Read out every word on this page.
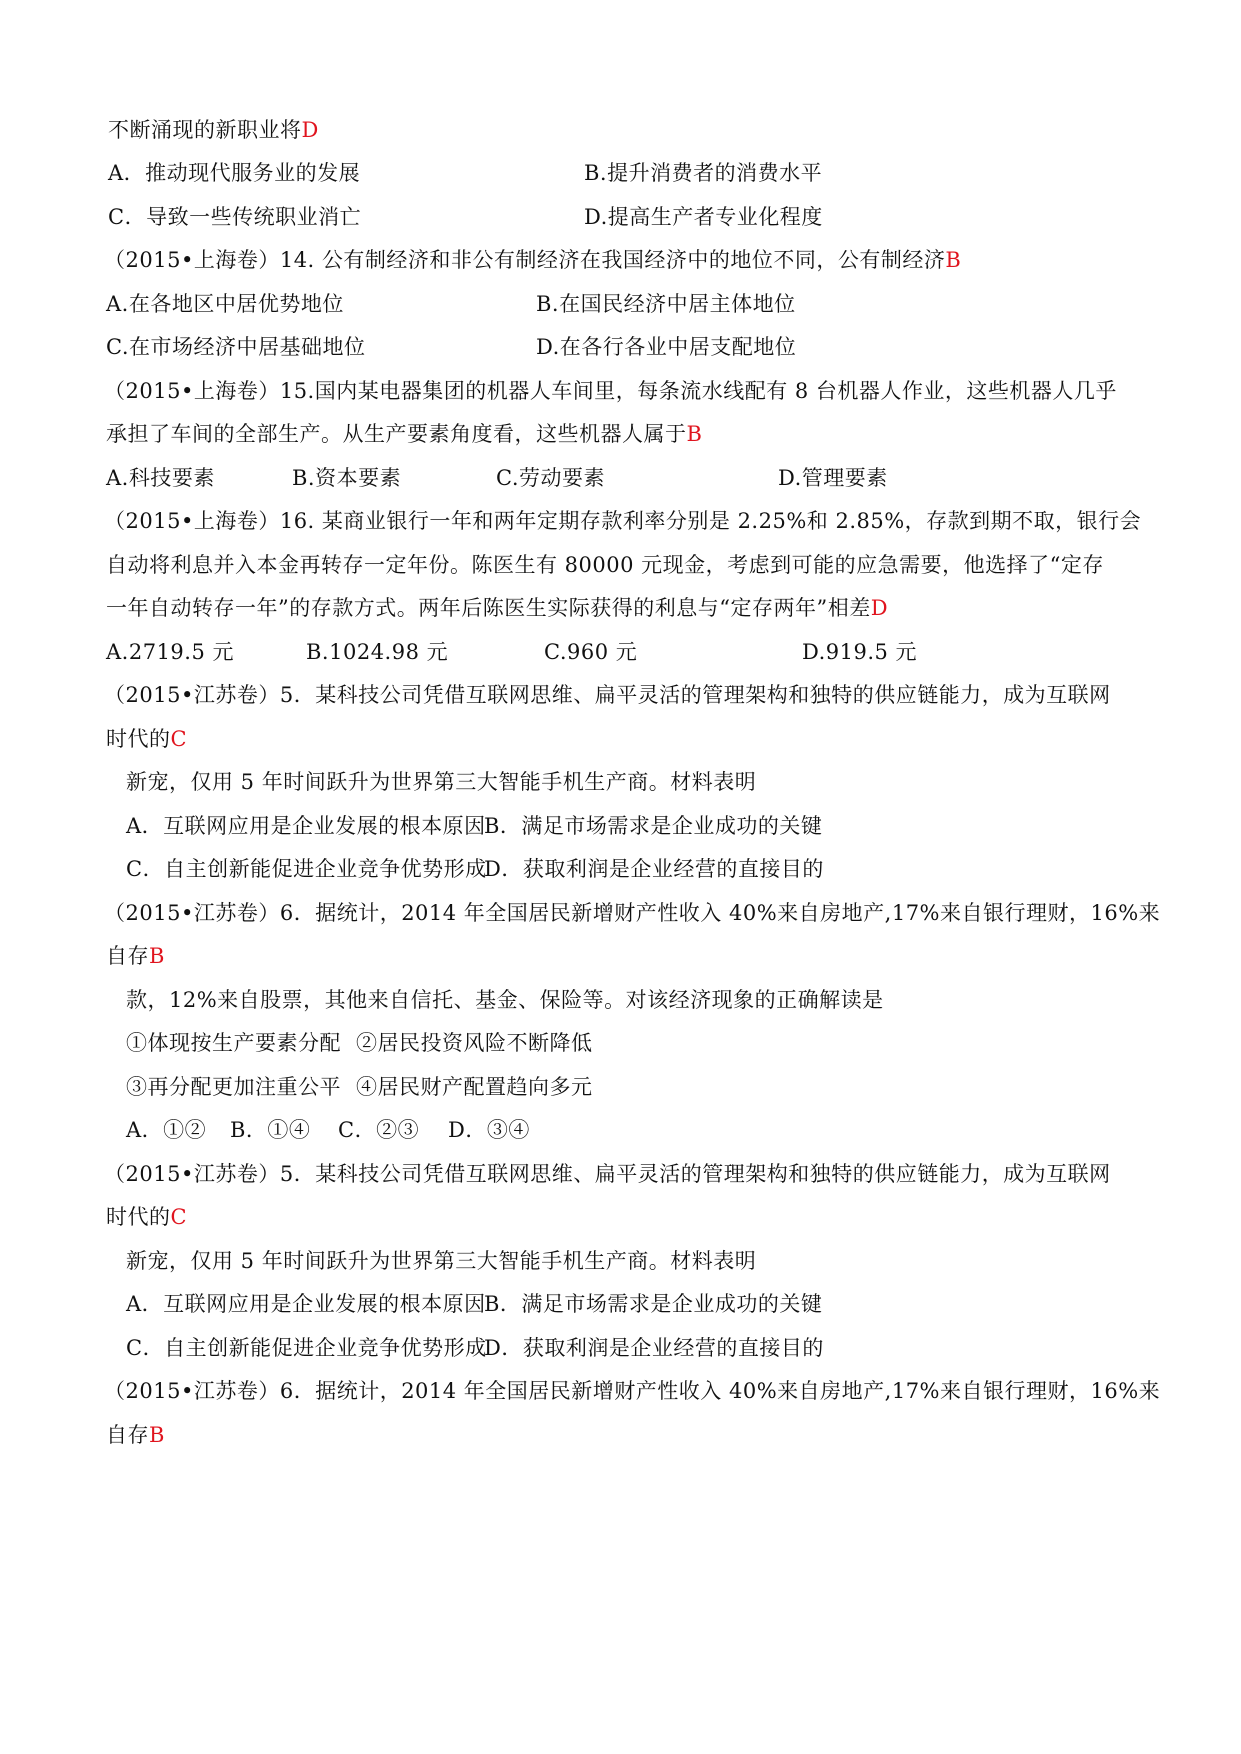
不断涌现的新职业将D
A．推动现代服务业的发展	B.提升消费者的消费水平
C．导致一些传统职业消亡	D.提高生产者专业化程度
（2015•上海卷）14. 公有制经济和非公有制经济在我国经济中的地位不同，公有制经济B
A.在各地区中居优势地位	B.在国民经济中居主体地位
C.在市场经济中居基础地位	D.在各行各业中居支配地位
（2015•上海卷）15.国内某电器集团的机器人车间里，每条流水线配有 8 台机器人作业，这些机器人几乎
承担了车间的全部生产。从生产要素角度看，这些机器人属于B
A.科技要素	B.资本要素	C.劳动要素	D.管理要素
（2015•上海卷）16. 某商业银行一年和两年定期存款利率分别是 2.25%和 2.85%，存款到期不取，银行会
自动将利息并入本金再转存一定年份。陈医生有 80000 元现金，考虑到可能的应急需要，他选择了“定存
一年自动转存一年”的存款方式。两年后陈医生实际获得的利息与“定存两年”相差D
A.2719.5 元	B.1024.98 元	C.960 元	D.919.5 元
（2015•江苏卷）5．某科技公司凭借互联网思维、扁平灵活的管理架构和独特的供应链能力，成为互联网
时代的C
新宠，仅用 5 年时间跃升为世界第三大智能手机生产商。材料表明
A．互联网应用是企业发展的根本原因
B．满足市场需求是企业成功的关键
C．自主创新能促进企业竞争优势形成
D．获取利润是企业经营的直接目的
（2015•江苏卷）6．据统计，2014 年全国居民新增财产性收入 40%来自房地产,17%来自银行理财，16%来
自存B
款，12%来自股票，其他来自信托、基金、保险等。对该经济现象的正确解读是
①体现按生产要素分配 ②居民投资风险不断降低
③再分配更加注重公平 ④居民财产配置趋向多元
A．①② B．①④ C．②③ D．③④
（2015•江苏卷）5．某科技公司凭借互联网思维、扁平灵活的管理架构和独特的供应链能力，成为互联网
时代的C
新宠，仅用 5 年时间跃升为世界第三大智能手机生产商。材料表明
A．互联网应用是企业发展的根本原因
B．满足市场需求是企业成功的关键
C．自主创新能促进企业竞争优势形成
D．获取利润是企业经营的直接目的
（2015•江苏卷）6．据统计，2014 年全国居民新增财产性收入 40%来自房地产,17%来自银行理财，16%来
自存B
